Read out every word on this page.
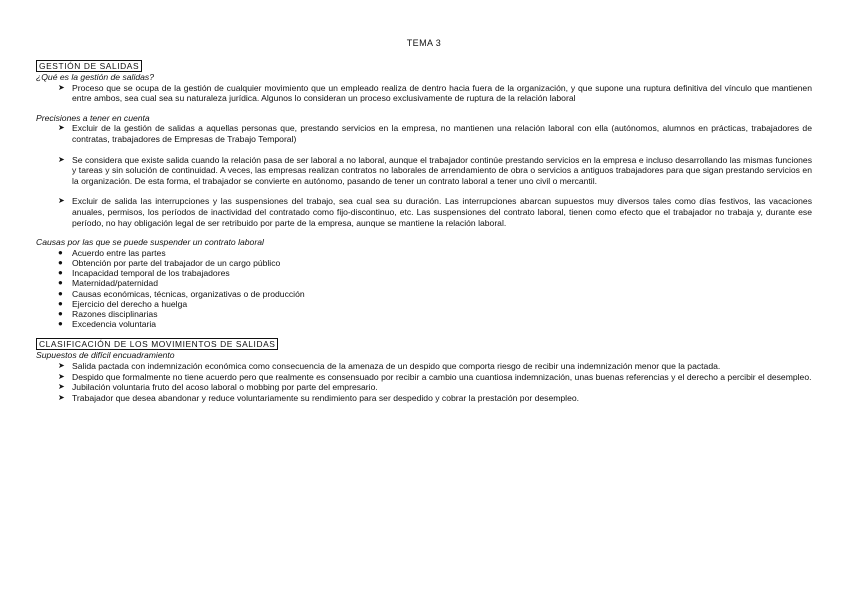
TEMA 3
GESTIÓN DE SALIDAS

¿Qué es la gestión de salidas?

➤ Proceso que se ocupa de la gestión de cualquier movimiento que un empleado realiza de dentro hacia fuera de la organización, y que supone una ruptura definitiva del vínculo que mantienen entre ambos, sea cual sea su naturaleza jurídica. Algunos lo consideran un proceso exclusivamente de ruptura de la relación laboral

Precisiones a tener en cuenta

➤ Excluir de la gestión de salidas a aquellas personas que, prestando servicios en la empresa, no mantienen una relación laboral con ella (autónomos, alumnos en prácticas, trabajadores de contratas, trabajadores de Empresas de Trabajo Temporal)
➤ Se considera que existe salida cuando la relación pasa de ser laboral a no laboral, aunque el trabajador continúe prestando servicios en la empresa e incluso desarrollando las mismas funciones y tareas y sin solución de continuidad. A veces, las empresas realizan contratos no laborales de arrendamiento de obra o servicios a antiguos trabajadores para que sigan prestando servicios en la organización. De esta forma, el trabajador se convierte en autónomo, pasando de tener un contrato laboral a tener uno civil o mercantil.
➤ Excluir de salida las interrupciones y las suspensiones del trabajo, sea cual sea su duración. Las interrupciones abarcan supuestos muy diversos tales como días festivos, las vacaciones anuales, permisos, los períodos de inactividad del contratado como fijo-discontinuo, etc. Las suspensiones del contrato laboral, tienen como efecto que el trabajador no trabaja y, durante ese período, no hay obligación legal de ser retribuido por parte de la empresa, aunque se mantiene la relación laboral.

Causas por las que se puede suspender un contrato laboral

● Acuerdo entre las partes
● Obtención por parte del trabajador de un cargo público
● Incapacidad temporal de los trabajadores
● Maternidad/paternidad
● Causas económicas, técnicas, organizativas o de producción
● Ejercicio del derecho a huelga
● Razones disciplinarias
● Excedencia voluntaria
CLASIFICACIÓN DE LOS MOVIMIENTOS DE SALIDAS

Supuestos de difícil encuadramiento

➤ Salida pactada con indemnización económica como consecuencia de la amenaza de un despido que comporta riesgo de recibir una indemnización menor que la pactada.
➤ Despido que formalmente no tiene acuerdo pero que realmente es consensuado por recibir a cambio una cuantiosa indemnización, unas buenas referencias y el derecho a percibir el desempleo.
➤ Jubilación voluntaria fruto del acoso laboral o mobbing por parte del empresario.
➤ Trabajador que desea abandonar y reduce voluntariamente su rendimiento para ser despedido y cobrar la prestación por desempleo.
